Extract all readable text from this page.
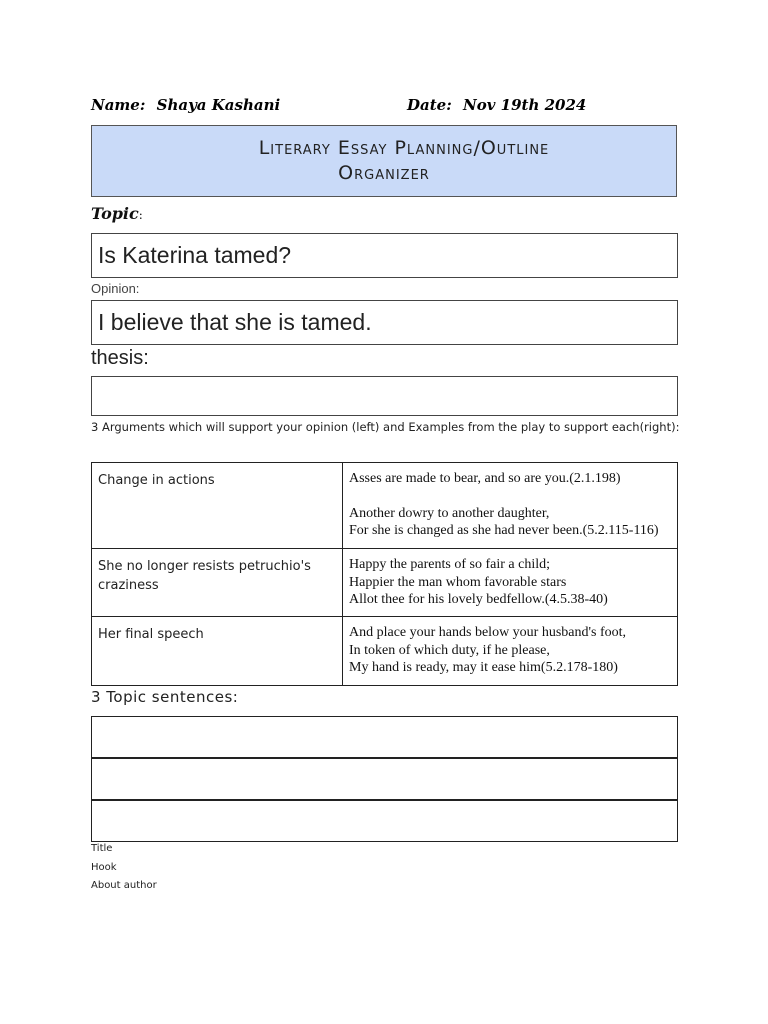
Name: Shaya Kashani	Date: Nov 19th 2024
Literary Essay Planning/Outline
Organizer
Topic:
Is Katerina tamed?
Opinion:
I believe that she is tamed.
thesis:
3 Arguments which will support your opinion (left) and Examples from the play to support each(right):
Change in actions	Asses are made to bear, and so are you.(2.1.198)
Another dowry to another daughter,
For she is changed as she had never been.(5.2.115-116)

She no longer resists petruchio's craziness	Happy the parents of so fair a child;
Happier the man whom favorable stars
Allot thee for his lovely bedfellow.(4.5.38-40)

Her final speech	And place your hands below your husband's foot,
In token of which duty, if he please,
My hand is ready, may it ease him(5.2.178-180)
3 Topic sentences:
Title
Hook
About author
